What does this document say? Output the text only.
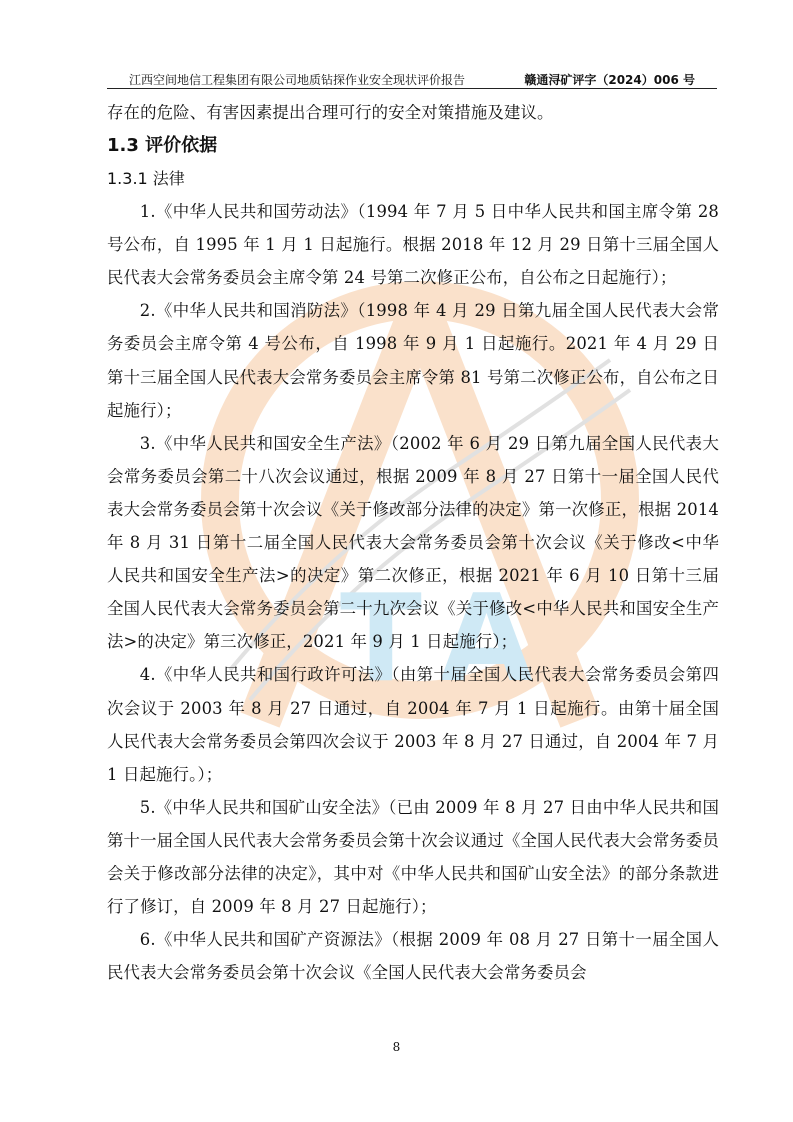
T A
江西空间地信工程集团有限公司地质钻探作业安全现状评价报告	赣通浔矿评字（2024）006 号

存在的危险、有害因素提出合理可行的安全对策措施及建议。

1.3 评价依据

1.3.1 法律

1.《中华人民共和国劳动法》（1994 年 7 月 5 日中华人民共和国主席令第 28 号公布，自 1995 年 1 月 1 日起施行。根据 2018 年 12 月 29 日第十三届全国人民代表大会常务委员会主席令第 24 号第二次修正公布，自公布之日起施行）；

2.《中华人民共和国消防法》（1998 年 4 月 29 日第九届全国人民代表大会常务委员会主席令第 4 号公布，自 1998 年 9 月 1 日起施行。2021 年 4 月 29 日第十三届全国人民代表大会常务委员会主席令第 81 号第二次修正公布，自公布之日起施行）；

3.《中华人民共和国安全生产法》（2002 年 6 月 29 日第九届全国人民代表大会常务委员会第二十八次会议通过，根据 2009 年 8 月 27 日第十一届全国人民代表大会常务委员会第十次会议《关于修改部分法律的决定》第一次修正，根据 2014 年 8 月 31 日第十二届全国人民代表大会常务委员会第十次会议《关于修改<中华人民共和国安全生产法>的决定》第二次修正，根据 2021 年 6 月 10 日第十三届全国人民代表大会常务委员会第二十九次会议《关于修改<中华人民共和国安全生产法>的决定》第三次修正，2021 年 9 月 1 日起施行）；

4.《中华人民共和国行政许可法》（由第十届全国人民代表大会常务委员会第四次会议于 2003 年 8 月 27 日通过，自 2004 年 7 月 1 日起施行。由第十届全国人民代表大会常务委员会第四次会议于 2003 年 8 月 27 日通过，自 2004 年 7 月 1 日起施行。）；

5.《中华人民共和国矿山安全法》（已由 2009 年 8 月 27 日由中华人民共和国第十一届全国人民代表大会常务委员会第十次会议通过《全国人民代表大会常务委员会关于修改部分法律的决定》，其中对《中华人民共和国矿山安全法》的部分条款进行了修订，自 2009 年 8 月 27 日起施行）；

6.《中华人民共和国矿产资源法》（根据 2009 年 08 月 27 日第十一届全国人民代表大会常务委员会第十次会议《全国人民代表大会常务委员会

8
